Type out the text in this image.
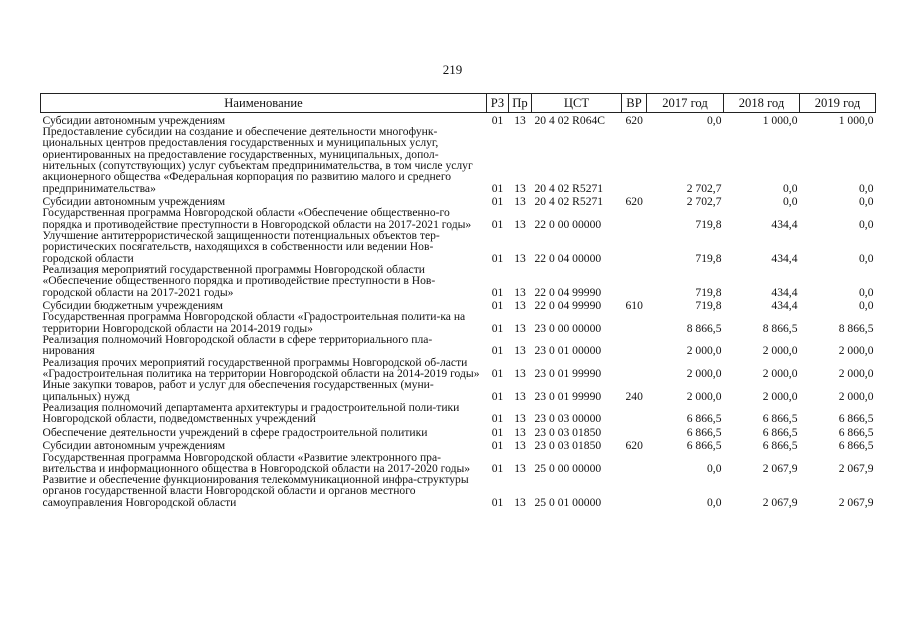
219
Наименование	РЗ	Пр	ЦСТ	ВР	2017 год	2018 год	2019 год
Субсидии автономным учреждениям	01	13	20 4 02 R064C	620	0,0	1 000,0	1 000,0
Предоставление субсидии на создание и обеспечение деятельности многофунк-циональных центров предоставления государственных и муниципальных услуг, ориентированных на предоставление государственных, муниципальных, допол-нительных (сопутствующих) услуг субъектам предпринимательства, в том числе услуг акционерного общества «Федеральная корпорация по развитию малого и среднего предпринимательства»	01	13	20 4 02 R5271		2 702,7	0,0	0,0
Субсидии автономным учреждениям	01	13	20 4 02 R5271	620	2 702,7	0,0	0,0
Государственная программа Новгородской области «Обеспечение общественно-го порядка и противодействие преступности в Новгородской области на 2017-2021 годы»	01	13	22 0 00 00000		719,8	434,4	0,0
Улучшение антитеррористической защищенности потенциальных объектов тер-рористических посягательств, находящихся в собственности или ведении Нов-городской области	01	13	22 0 04 00000		719,8	434,4	0,0
Реализация мероприятий государственной программы Новгородской области «Обеспечение общественного порядка и противодействие преступности в Нов-городской области на 2017-2021 годы»	01	13	22 0 04 99990		719,8	434,4	0,0
Субсидии бюджетным учреждениям	01	13	22 0 04 99990	610	719,8	434,4	0,0
Государственная программа Новгородской области «Градостроительная полити-ка на территории Новгородской области на 2014-2019 годы»	01	13	23 0 00 00000		8 866,5	8 866,5	8 866,5
Реализация полномочий Новгородской области в сфере территориального пла-нирования	01	13	23 0 01 00000		2 000,0	2 000,0	2 000,0
Реализация прочих мероприятий государственной программы Новгородской об-ласти «Градостроительная политика на территории Новгородской области на 2014-2019 годы»	01	13	23 0 01 99990		2 000,0	2 000,0	2 000,0
Иные закупки товаров, работ и услуг для обеспечения государственных (муни-ципальных) нужд	01	13	23 0 01 99990	240	2 000,0	2 000,0	2 000,0
Реализация полномочий департамента архитектуры и градостроительной поли-тики Новгородской области, подведомственных учреждений	01	13	23 0 03 00000		6 866,5	6 866,5	6 866,5
Обеспечение деятельности учреждений в сфере градостроительной политики	01	13	23 0 03 01850		6 866,5	6 866,5	6 866,5
Субсидии автономным учреждениям	01	13	23 0 03 01850	620	6 866,5	6 866,5	6 866,5
Государственная программа Новгородской области «Развитие электронного пра-вительства и информационного общества в Новгородской области на 2017-2020 годы»	01	13	25 0 00 00000		0,0	2 067,9	2 067,9
Развитие и обеспечение функционирования телекоммуникационной инфра-структуры органов государственной власти Новгородской области и органов местного самоуправления Новгородской области	01	13	25 0 01 00000		0,0	2 067,9	2 067,9
